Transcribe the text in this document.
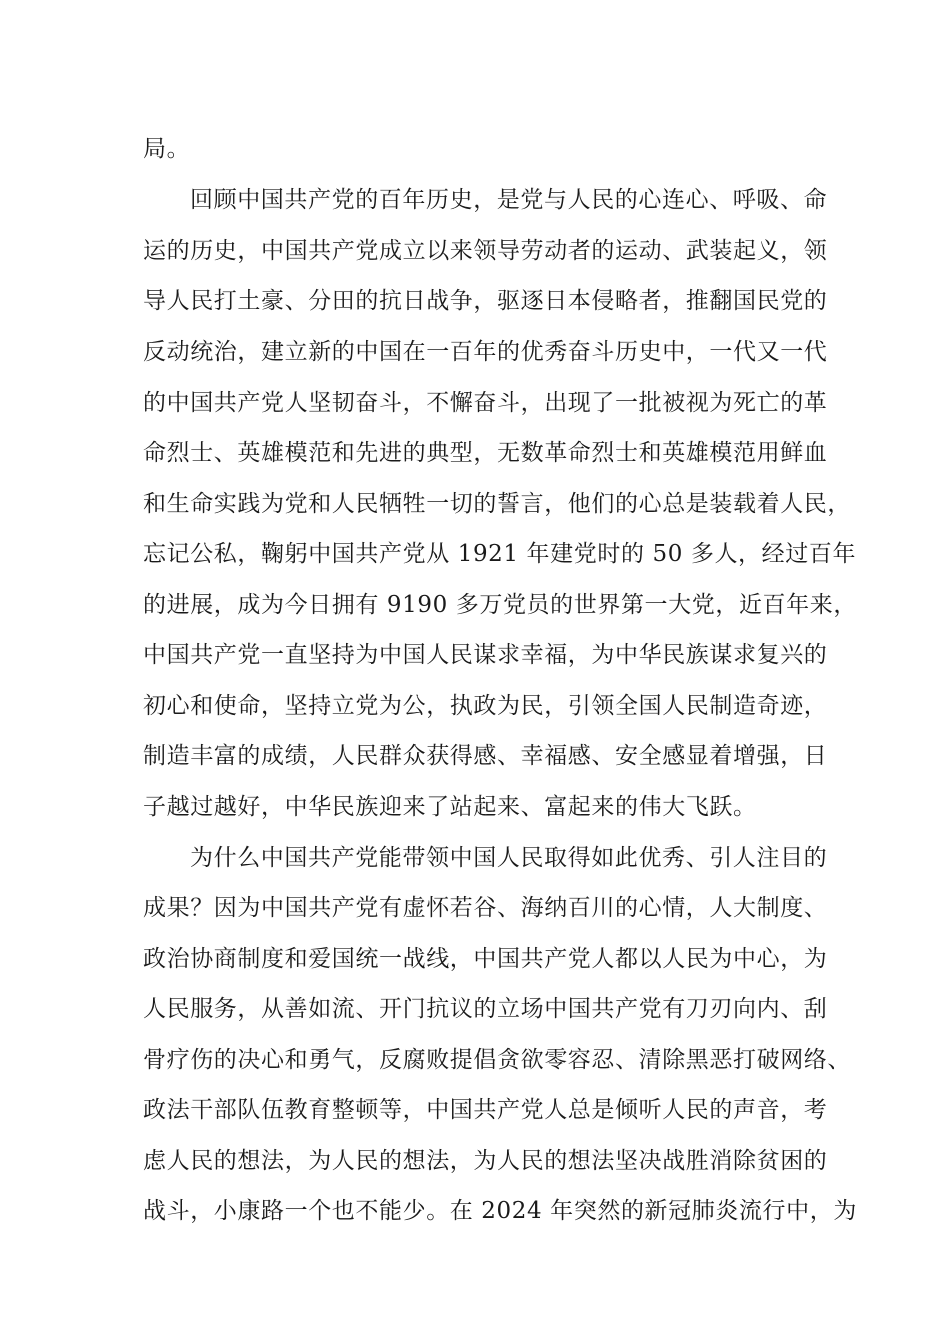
局。
回顾中国共产党的百年历史，是党与人民的心连心、呼吸、命
运的历史，中国共产党成立以来领导劳动者的运动、武装起义，领
导人民打土豪、分田的抗日战争，驱逐日本侵略者，推翻国民党的
反动统治，建立新的中国在一百年的优秀奋斗历史中，一代又一代
的中国共产党人坚韧奋斗，不懈奋斗，出现了一批被视为死亡的革
命烈士、英雄模范和先进的典型，无数革命烈士和英雄模范用鲜血
和生命实践为党和人民牺牲一切的誓言，他们的心总是装载着人民，
忘记公私，鞠躬中国共产党从 1921 年建党时的 50 多人，经过百年
的进展，成为今日拥有 9190 多万党员的世界第一大党，近百年来，
中国共产党一直坚持为中国人民谋求幸福，为中华民族谋求复兴的
初心和使命，坚持立党为公，执政为民，引领全国人民制造奇迹，
制造丰富的成绩，人民群众获得感、幸福感、安全感显着增强，日
子越过越好，中华民族迎来了站起来、富起来的伟大飞跃。
为什么中国共产党能带领中国人民取得如此优秀、引人注目的
成果？因为中国共产党有虚怀若谷、海纳百川的心情，人大制度、
政治协商制度和爱国统一战线，中国共产党人都以人民为中心，为
人民服务，从善如流、开门抗议的立场中国共产党有刀刃向内、刮
骨疗伤的决心和勇气，反腐败提倡贪欲零容忍、清除黑恶打破网络、
政法干部队伍教育整顿等，中国共产党人总是倾听人民的声音，考
虑人民的想法，为人民的想法，为人民的想法坚决战胜消除贫困的
战斗，小康路一个也不能少。在 2024 年突然的新冠肺炎流行中，为
